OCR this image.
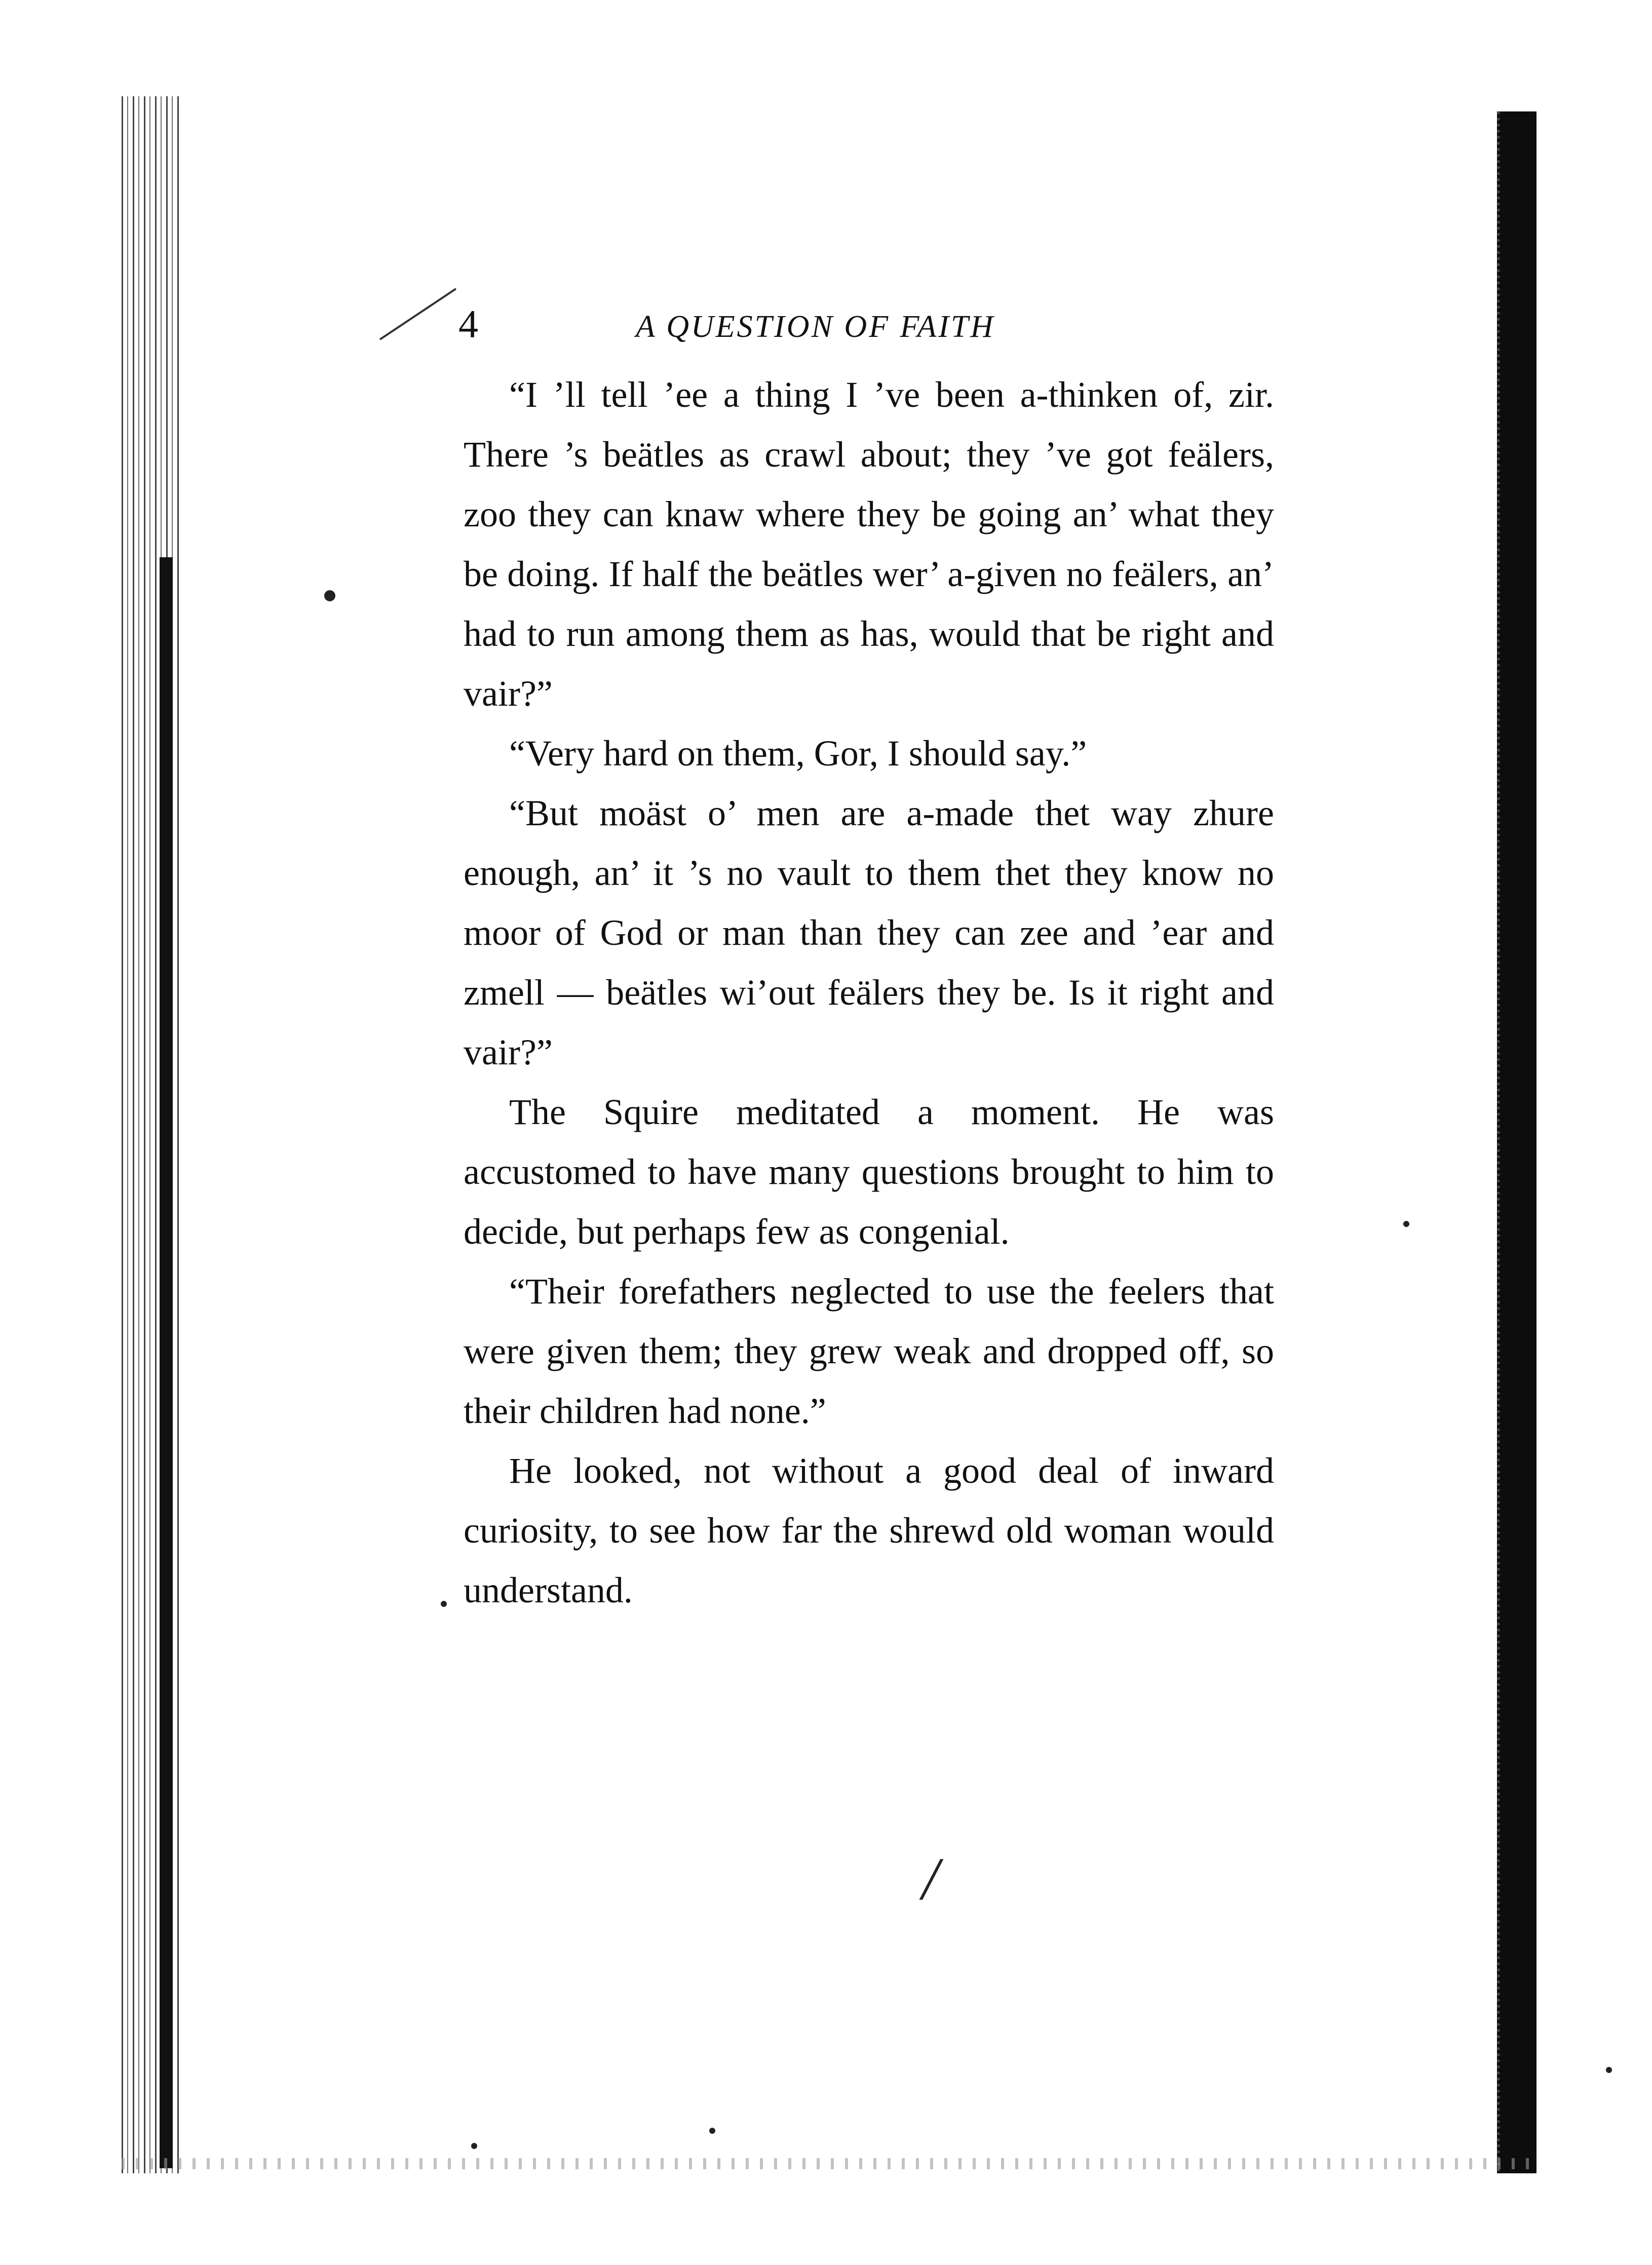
4	A QUESTION OF FAITH

“I ’ll tell ’ee a thing I ’ve been a-thinken of, zir. There ’s beätles as crawl about; they ’ve got feälers, zoo they can knaw where they be going an’ what they be doing. If half the beätles wer’ a-given no feälers, an’ had to run among them as has, would that be right and vair?”

“Very hard on them, Gor, I should say.”

“But moäst o’ men are a-made thet way zhure enough, an’ it ’s no vault to them thet they know no moor of God or man than they can zee and ’ear and zmell — beätles wi’out feälers they be. Is it right and vair?”

The Squire meditated a moment. He was accustomed to have many questions brought to him to decide, but perhaps few as congenial.

“Their forefathers neglected to use the feelers that were given them; they grew weak and dropped off, so their children had none.”

He looked, not without a good deal of inward curiosity, to see how far the shrewd old woman would understand.

/
